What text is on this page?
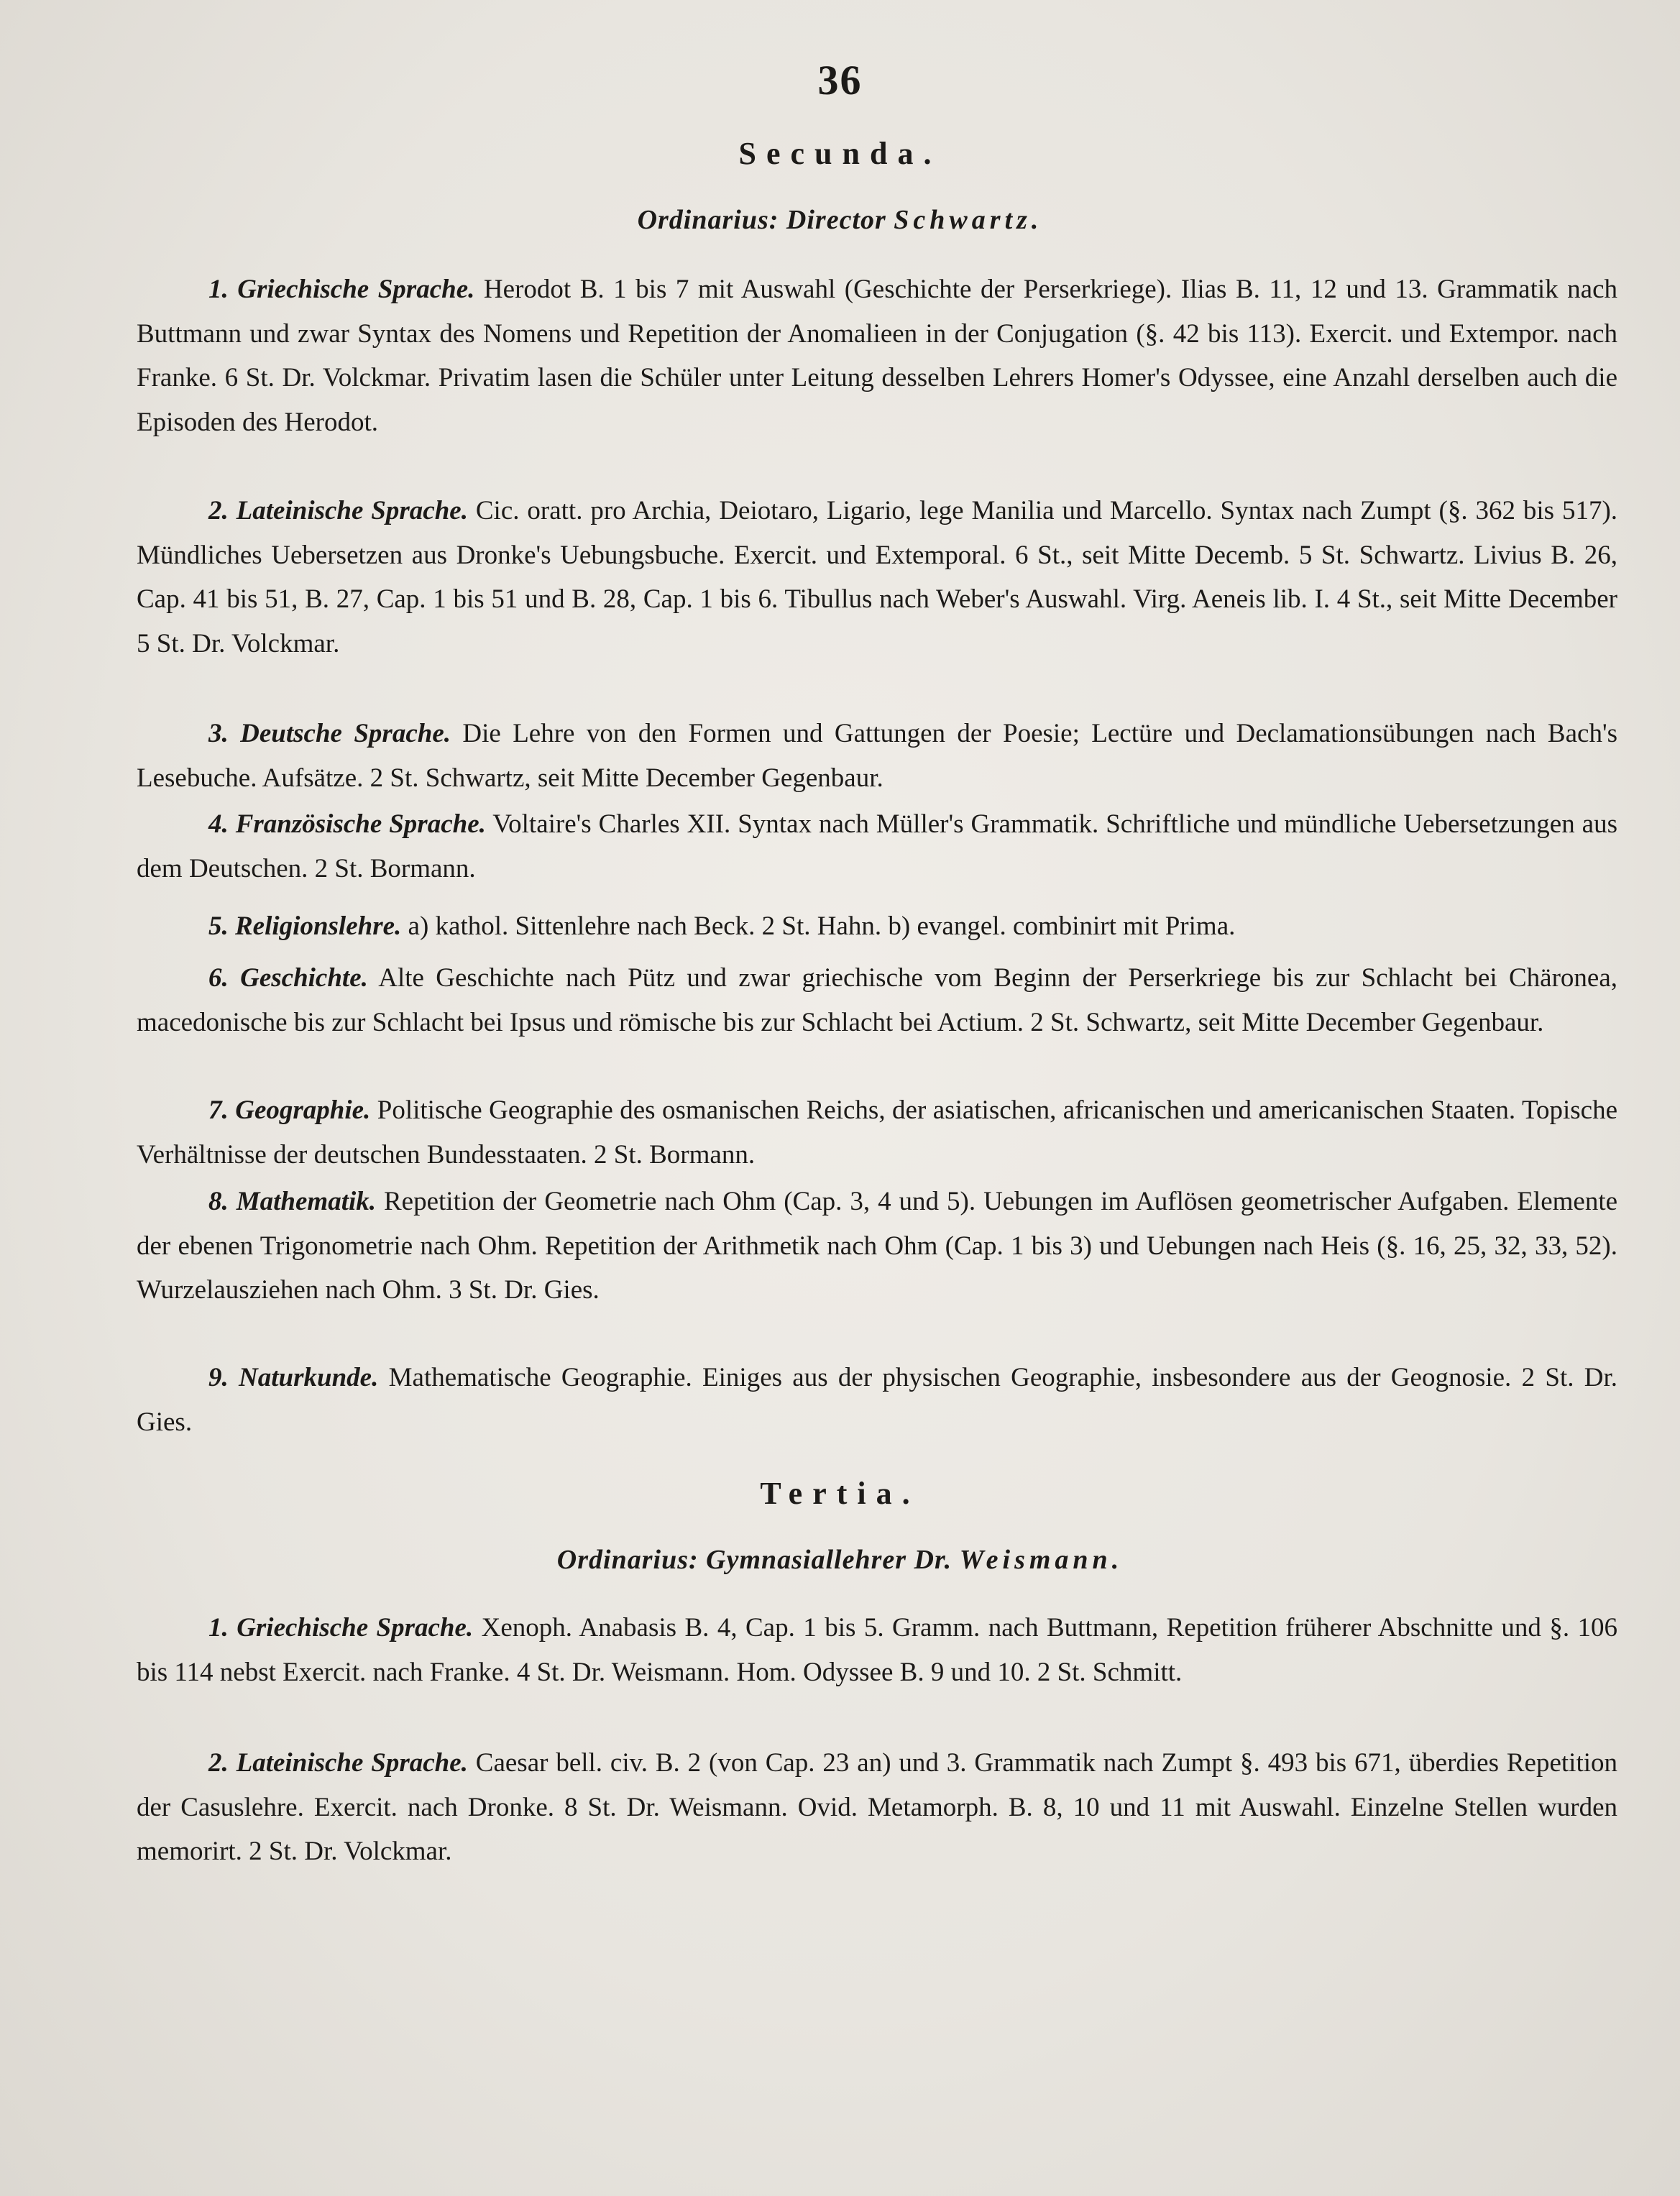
36
Secunda.
Ordinarius: Director Schwartz.
1. Griechische Sprache. Herodot B. 1 bis 7 mit Auswahl (Geschichte der Perserkriege). Ilias B. 11, 12 und 13. Grammatik nach Buttmann und zwar Syntax des Nomens und Repetition der Anomalieen in der Conjugation (§. 42 bis 113). Exercit. und Extempor. nach Franke. 6 St. Dr. Volckmar. Privatim lasen die Schüler unter Leitung desselben Lehrers Homer's Odyssee, eine Anzahl derselben auch die Episoden des Herodot.
2. Lateinische Sprache. Cic. oratt. pro Archia, Deiotaro, Ligario, lege Manilia und Marcello. Syntax nach Zumpt (§. 362 bis 517). Mündliches Uebersetzen aus Dronke's Uebungsbuche. Exercit. und Extemporal. 6 St., seit Mitte Decemb. 5 St. Schwartz. Livius B. 26, Cap. 41 bis 51, B. 27, Cap. 1 bis 51 und B. 28, Cap. 1 bis 6. Tibullus nach Weber's Auswahl. Virg. Aeneis lib. I. 4 St., seit Mitte December 5 St. Dr. Volckmar.
3. Deutsche Sprache. Die Lehre von den Formen und Gattungen der Poesie; Lectüre und Declamationsübungen nach Bach's Lesebuche. Aufsätze. 2 St. Schwartz, seit Mitte December Gegenbaur.
4. Französische Sprache. Voltaire's Charles XII. Syntax nach Müller's Grammatik. Schriftliche und mündliche Uebersetzungen aus dem Deutschen. 2 St. Bormann.
5. Religionslehre. a) kathol. Sittenlehre nach Beck. 2 St. Hahn. b) evangel. combinirt mit Prima.
6. Geschichte. Alte Geschichte nach Pütz und zwar griechische vom Beginn der Perserkriege bis zur Schlacht bei Chäronea, macedonische bis zur Schlacht bei Ipsus und römische bis zur Schlacht bei Actium. 2 St. Schwartz, seit Mitte December Gegenbaur.
7. Geographie. Politische Geographie des osmanischen Reichs, der asiatischen, africanischen und americanischen Staaten. Topische Verhältnisse der deutschen Bundesstaaten. 2 St. Bormann.
8. Mathematik. Repetition der Geometrie nach Ohm (Cap. 3, 4 und 5). Uebungen im Auflösen geometrischer Aufgaben. Elemente der ebenen Trigonometrie nach Ohm. Repetition der Arithmetik nach Ohm (Cap. 1 bis 3) und Uebungen nach Heis (§. 16, 25, 32, 33, 52). Wurzelausziehen nach Ohm. 3 St. Dr. Gies.
9. Naturkunde. Mathematische Geographie. Einiges aus der physischen Geographie, insbesondere aus der Geognosie. 2 St. Dr. Gies.
Tertia.
Ordinarius: Gymnasiallehrer Dr. Weismann.
1. Griechische Sprache. Xenoph. Anabasis B. 4, Cap. 1 bis 5. Gramm. nach Buttmann, Repetition früherer Abschnitte und §. 106 bis 114 nebst Exercit. nach Franke. 4 St. Dr. Weismann. Hom. Odyssee B. 9 und 10. 2 St. Schmitt.
2. Lateinische Sprache. Caesar bell. civ. B. 2 (von Cap. 23 an) und 3. Grammatik nach Zumpt §. 493 bis 671, überdies Repetition der Casuslehre. Exercit. nach Dronke. 8 St. Dr. Weismann. Ovid. Metamorph. B. 8, 10 und 11 mit Auswahl. Einzelne Stellen wurden memorirt. 2 St. Dr. Volckmar.
